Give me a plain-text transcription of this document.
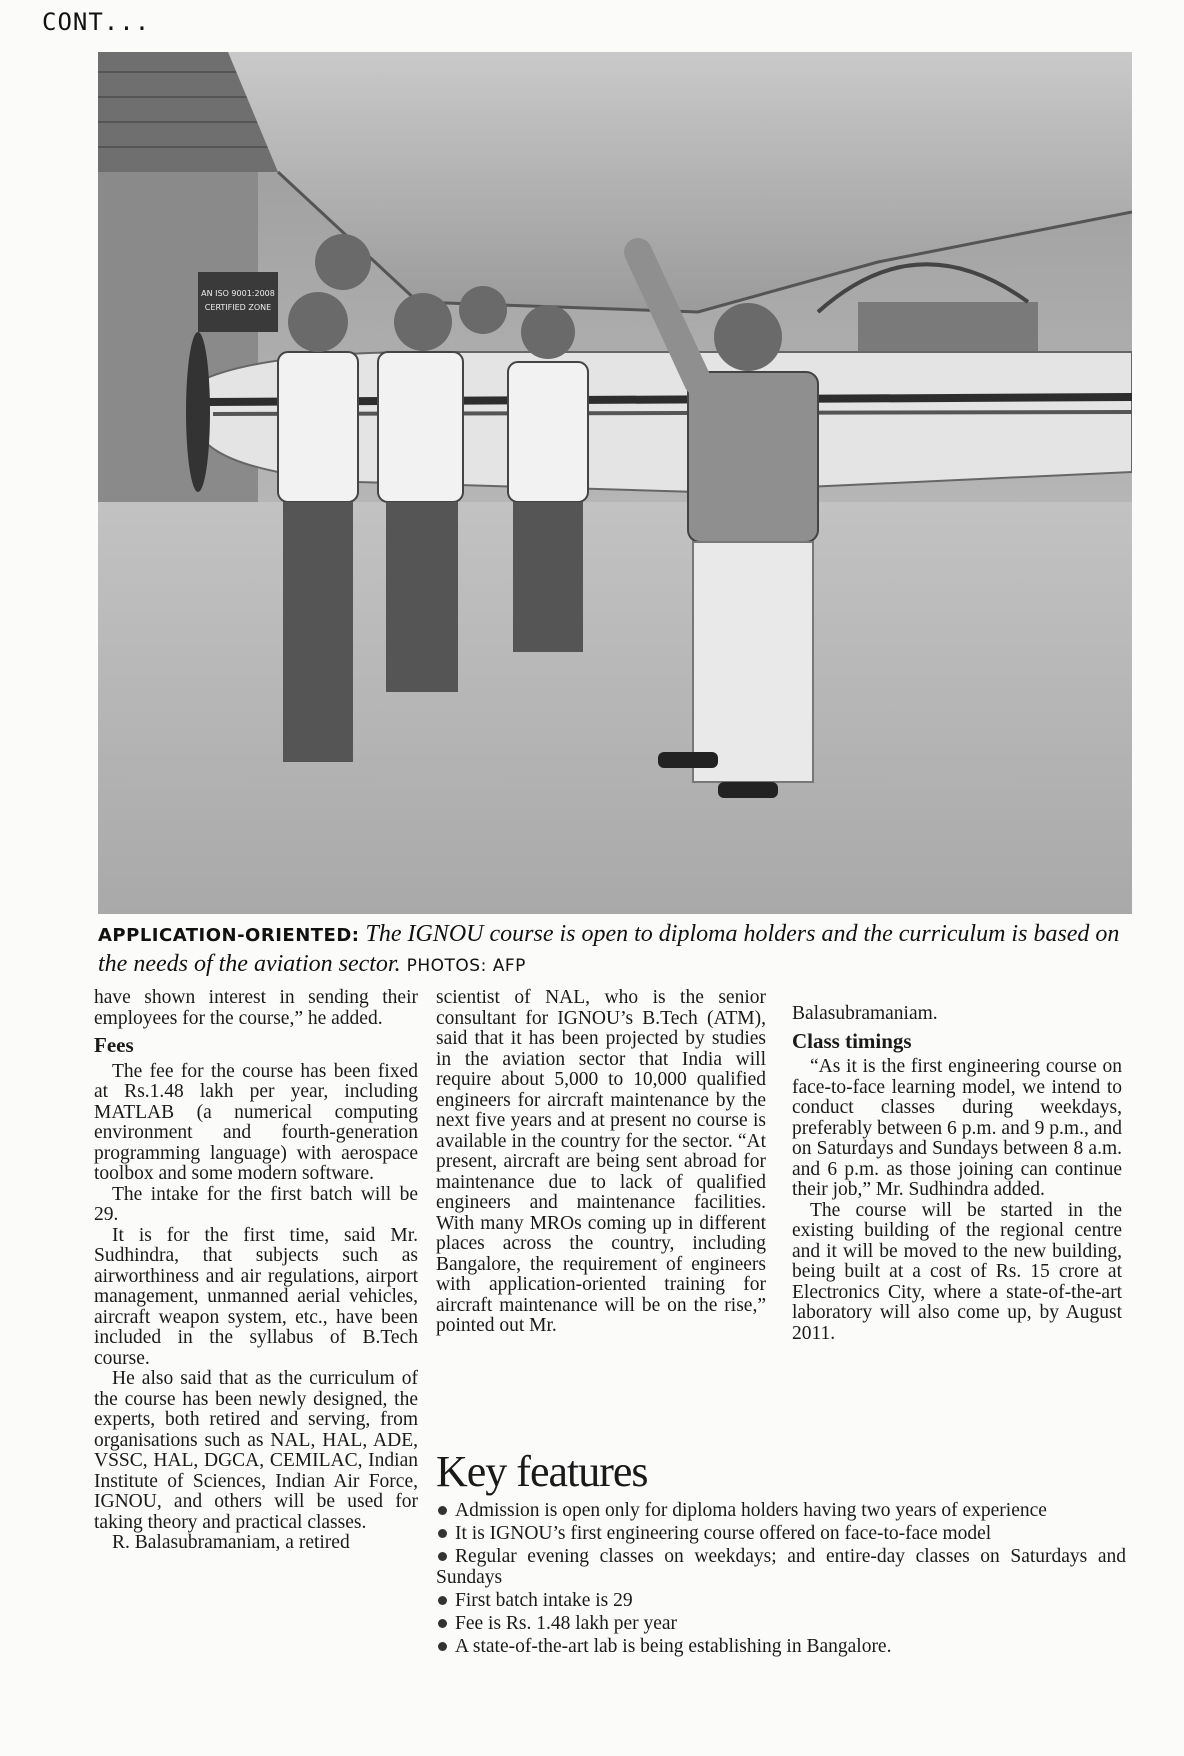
CONT...
AN ISO 9001:2008
CERTIFIED ZONE
APPLICATION-ORIENTED: The IGNOU course is open to diploma holders and the curriculum is based on the needs of the aviation sector. PHOTOS: AFP

have shown interest in sending their employees for the course,” he added.

Fees

The fee for the course has been fixed at Rs.1.48 lakh per year, including MATLAB (a numerical computing environment and fourth-generation programming language) with aerospace toolbox and some modern software.

The intake for the first batch will be 29.

It is for the first time, said Mr. Sudhindra, that subjects such as airworthiness and air regulations, airport management, unmanned aerial vehicles, aircraft weapon system, etc., have been included in the syllabus of B.Tech course.

He also said that as the curriculum of the course has been newly designed, the experts, both retired and serving, from organisations such as NAL, HAL, ADE, VSSC, HAL, DGCA, CEMILAC, Indian Institute of Sciences, Indian Air Force, IGNOU, and others will be used for taking theory and practical classes.

R. Balasubramaniam, a retired

scientist of NAL, who is the senior consultant for IGNOU’s B.Tech (ATM), said that it has been projected by studies in the aviation sector that India will require about 5,000 to 10,000 qualified engineers for aircraft maintenance by the next five years and at present no course is available in the country for the sector. “At present, aircraft are being sent abroad for maintenance due to lack of qualified engineers and maintenance facilities. With many MROs coming up in different places across the country, including Bangalore, the requirement of engineers with application-oriented training for aircraft maintenance will be on the rise,” pointed out Mr.

Balasubramaniam.

Class timings

“As it is the first engineering course on face-to-face learning model, we intend to conduct classes during weekdays, preferably between 6 p.m. and 9 p.m., and on Saturdays and Sundays between 8 a.m. and 6 p.m. as those joining can continue their job,” Mr. Sudhindra added.

The course will be started in the existing building of the regional centre and it will be moved to the new building, being built at a cost of Rs. 15 crore at Electronics City, where a state-of-the-art laboratory will also come up, by August 2011.

Key features
Admission is open only for diploma holders having two years of experience
It is IGNOU’s first engineering course offered on face-to-face model
Regular evening classes on weekdays; and entire-day classes on Saturdays and Sundays
First batch intake is 29
Fee is Rs. 1.48 lakh per year
A state-of-the-art lab is being establishing in Bangalore.
